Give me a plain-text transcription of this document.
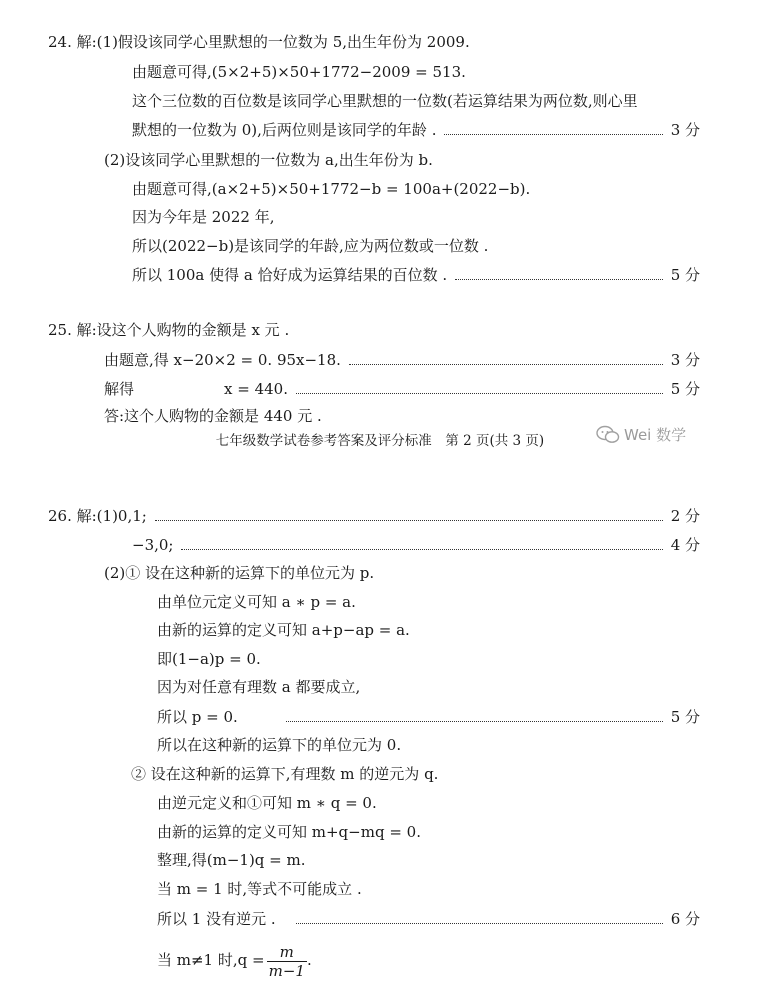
24. 解:(1)假设该同学心里默想的一位数为 5,出生年份为 2009.
由题意可得,(5×2+5)×50+1772−2009 = 513.
这个三位数的百位数是该同学心里默想的一位数(若运算结果为两位数,则心里
默想的一位数为 0),后两位则是该同学的年龄 .	3 分
(2)设该同学心里默想的一位数为 a,出生年份为 b.
由题意可得,(a×2+5)×50+1772−b = 100a+(2022−b).
因为今年是 2022 年,
所以(2022−b)是该同学的年龄,应为两位数或一位数 .
所以 100a 使得 a 恰好成为运算结果的百位数 .	5 分
25. 解:设这个人购物的金额是 x 元 .
由题意,得 x−20×2 = 0. 95x−18.	3 分
解得	x = 440.	5 分
答:这个人购物的金额是 440 元 .
七年级数学试卷参考答案及评分标准　第 2 页(共 3 页)	Wei 数学
26. 解:(1)0,1;	2 分
−3,0;	4 分
(2)① 设在这种新的运算下的单位元为 p.
由单位元定义可知 a ∗ p = a.
由新的运算的定义可知 a+p−ap = a.
即(1−a)p = 0.
因为对任意有理数 a 都要成立,
所以 p = 0.	5 分
所以在这种新的运算下的单位元为 0.
② 设在这种新的运算下,有理数 m 的逆元为 q.
由逆元定义和①可知 m ∗ q = 0.
由新的运算的定义可知 m+q−mq = 0.
整理,得(m−1)q = m.
当 m = 1 时,等式不可能成立 .
所以 1 没有逆元 .	6 分
当 m≠1 时$,q = \frac{m}{m-1}$ .
